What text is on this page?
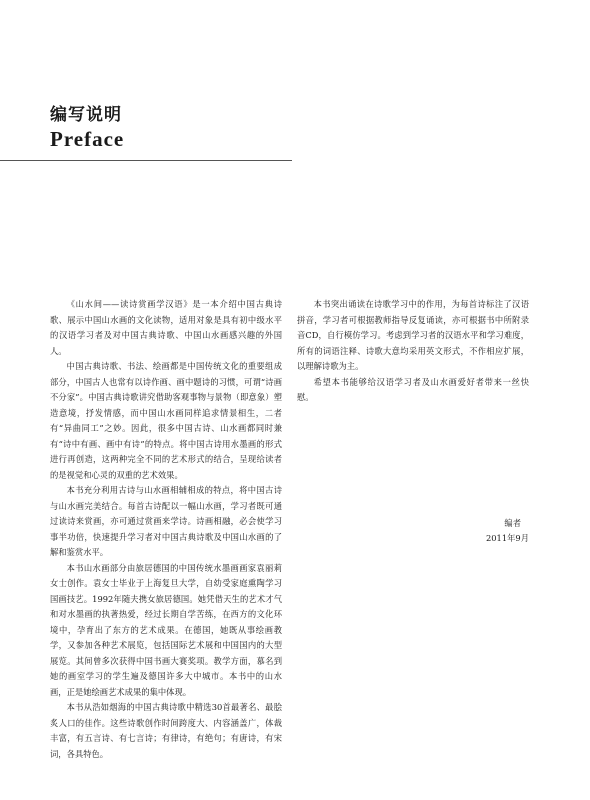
编写说明
Preface

《山水间——读诗赏画学汉语》是一本介绍中国古典诗歌、展示中国山水画的文化读物，适用对象是具有初中级水平的汉语学习者及对中国古典诗歌、中国山水画感兴趣的外国人。

中国古典诗歌、书法、绘画都是中国传统文化的重要组成部分，中国古人也常有以诗作画、画中题诗的习惯，可谓“诗画不分家”。中国古典诗歌讲究借助客观事物与景物（即意象）塑造意境，抒发情感，而中国山水画同样追求情景相生，二者有“异曲同工”之妙。因此，很多中国古诗、山水画都同时兼有“诗中有画、画中有诗”的特点。将中国古诗用水墨画的形式进行再创造，这两种完全不同的艺术形式的结合，呈现给读者的是视觉和心灵的双重的艺术效果。

本书充分利用古诗与山水画相辅相成的特点，将中国古诗与山水画完美结合。每首古诗配以一幅山水画，学习者既可通过读诗来赏画，亦可通过赏画来学诗。诗画相融，必会使学习事半功倍，快速提升学习者对中国古典诗歌及中国山水画的了解和鉴赏水平。

本书山水画部分由旅居德国的中国传统水墨画画家袁丽莉女士创作。袁女士毕业于上海复旦大学，自幼受家庭熏陶学习国画技艺。1992年随夫携女旅居德国。她凭借天生的艺术才气和对水墨画的执著热爱，经过长期自学苦练，在西方的文化环境中，孕育出了东方的艺术成果。在德国，她既从事绘画教学，又参加各种艺术展览，包括国际艺术展和中国国内的大型展览。其间曾多次获得中国书画大赛奖项。教学方面，慕名到她的画室学习的学生遍及德国许多大中城市。本书中的山水画，正是她绘画艺术成果的集中体现。

本书从浩如烟海的中国古典诗歌中精选30首最著名、最脍炙人口的佳作。这些诗歌创作时间跨度大、内容涵盖广，体裁丰富，有五言诗、有七言诗；有律诗，有绝句；有唐诗，有宋词，各具特色。

本书突出诵读在诗歌学习中的作用，为每首诗标注了汉语拼音，学习者可根据教师指导反复诵读，亦可根据书中所附录音CD，自行模仿学习。考虑到学习者的汉语水平和学习难度，所有的词语注释、诗歌大意均采用英文形式，不作相应扩展，以理解诗歌为主。

希望本书能够给汉语学习者及山水画爱好者带来一丝快慰。

编者
2011年9月
